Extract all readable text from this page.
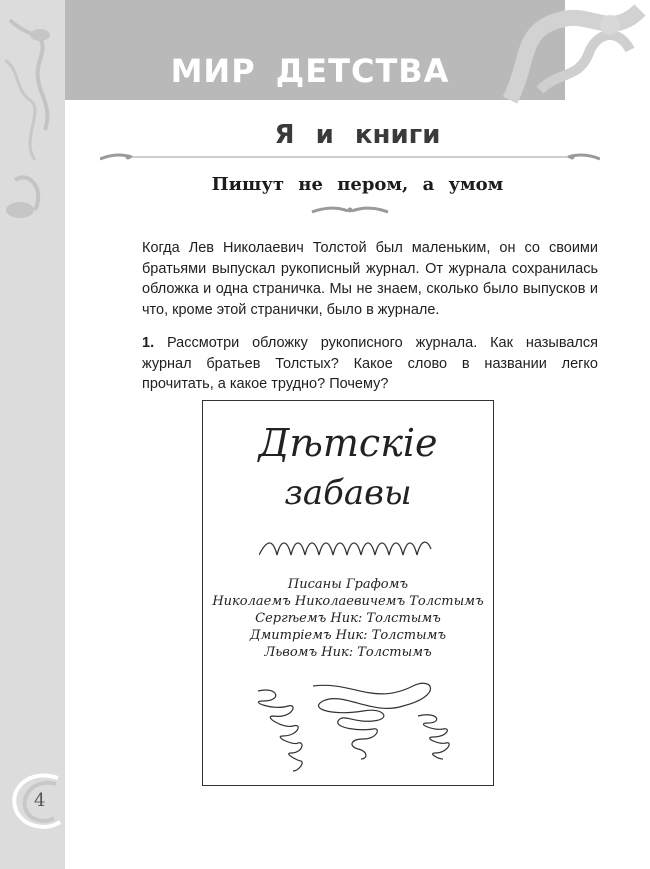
МИР ДЕТСТВА
Я и книги
Пишут не пером, а умом
Когда Лев Николаевич Толстой был маленьким, он со своими братьями выпускал рукописный журнал. От журнала сохранилась обложка и одна страничка. Мы не знаем, сколько было выпусков и что, кроме этой странички, было в журнале.
1. Рассмотри обложку рукописного журнала. Как назывался журнал братьев Толстых? Какое слово в названии легко прочитать, а какое трудно? Почему?
Дѣтскіе
забавы
Писаны Графомъ
Николаемъ Николаевичемъ Толстымъ
Сергѣемъ Ник: Толстымъ
Дмитріемъ Ник: Толстымъ
Львомъ Ник: Толстымъ
4
